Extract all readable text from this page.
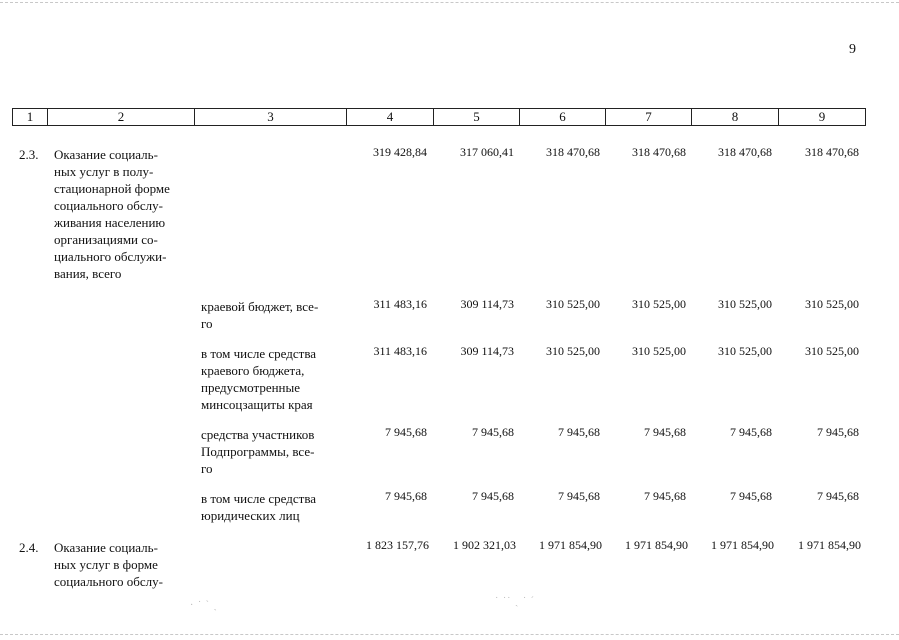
9
1	2	3	4	5	6	7	8	9
2.3. Оказание социаль-
ных услуг в полу-
стационарной форме
социального обслу-
живания населению
организациями со-
циального обслужи-
вания, всего
319 428,84	317 060,41	318 470,68	318 470,68	318 470,68	318 470,68
краевой бюджет, все-
го
311 483,16	309 114,73	310 525,00	310 525,00	310 525,00	310 525,00
в том числе средства
краевого бюджета,
предусмотренные
минсоцзащиты края
311 483,16	309 114,73	310 525,00	310 525,00	310 525,00	310 525,00
средства участников
Подпрограммы, все-
го
7 945,68	7 945,68	7 945,68	7 945,68	7 945,68	7 945,68
в том числе средства
юридических лиц
7 945,68	7 945,68	7 945,68	7 945,68	7 945,68	7 945,68
2.4. Оказание социаль-
ных услуг в форме
социального обслу-
1 823 157,76	1 902 321,03	1 971 854,90	1 971 854,90	1 971 854,90	1 971 854,90
· ˙ ˋ ˎ	˙ ˙˙ ˎ ˙ ˊ
